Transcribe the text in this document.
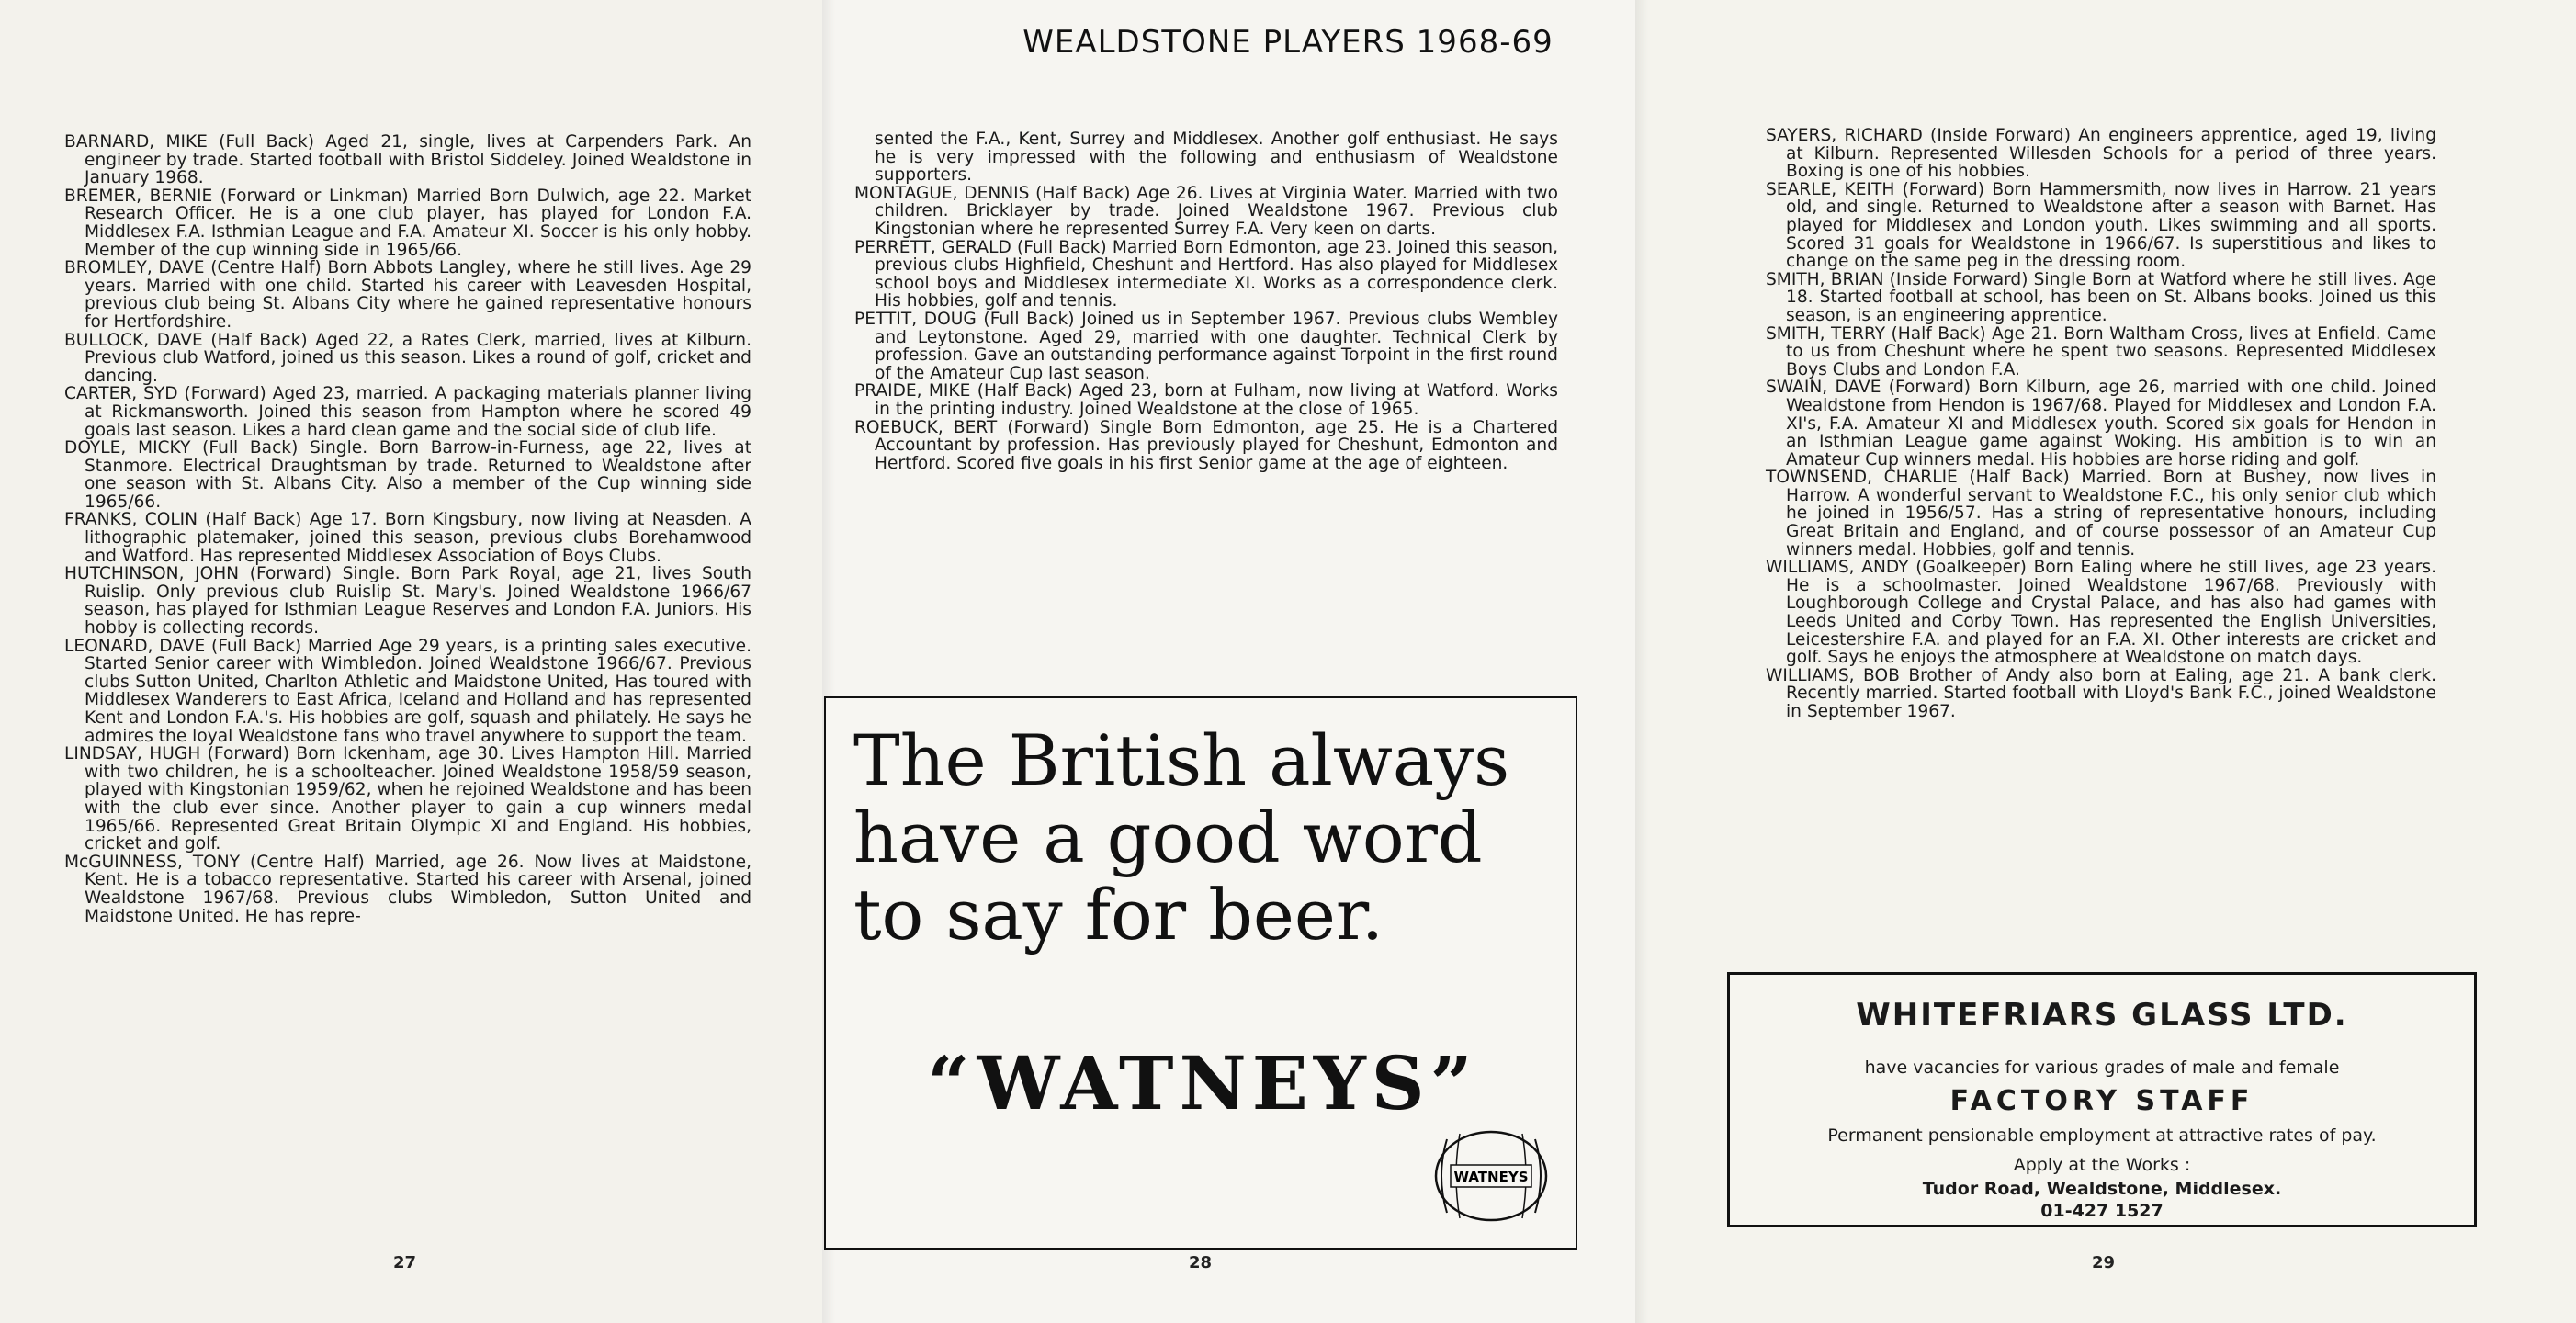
WEALDSTONE PLAYERS 1968-69

BARNARD, MIKE (Full Back) Aged 21, single, lives at Carpenders Park. An engineer by trade. Started football with Bristol Siddeley. Joined Wealdstone in January 1968.

BREMER, BERNIE (Forward or Linkman) Married Born Dulwich, age 22. Market Research Officer. He is a one club player, has played for London F.A. Middlesex F.A. Isthmian League and F.A. Amateur XI. Soccer is his only hobby. Member of the cup winning side in 1965/66.

BROMLEY, DAVE (Centre Half) Born Abbots Langley, where he still lives. Age 29 years. Married with one child. Started his career with Leavesden Hospital, previous club being St. Albans City where he gained representative honours for Hertfordshire.

BULLOCK, DAVE (Half Back) Aged 22, a Rates Clerk, married, lives at Kilburn. Previous club Watford, joined us this season. Likes a round of golf, cricket and dancing.

CARTER, SYD (Forward) Aged 23, married. A packaging materials planner living at Rickmansworth. Joined this season from Hampton where he scored 49 goals last season. Likes a hard clean game and the social side of club life.

DOYLE, MICKY (Full Back) Single. Born Barrow-in-Furness, age 22, lives at Stanmore. Electrical Draughtsman by trade. Returned to Wealdstone after one season with St. Albans City. Also a member of the Cup winning side 1965/66.

FRANKS, COLIN (Half Back) Age 17. Born Kingsbury, now living at Neasden. A lithographic platemaker, joined this season, previous clubs Borehamwood and Watford. Has represented Middlesex Association of Boys Clubs.

HUTCHINSON, JOHN (Forward) Single. Born Park Royal, age 21, lives South Ruislip. Only previous club Ruislip St. Mary's. Joined Wealdstone 1966/67 season, has played for Isthmian League Reserves and London F.A. Juniors. His hobby is collecting records.

LEONARD, DAVE (Full Back) Married Age 29 years, is a printing sales executive. Started Senior career with Wimbledon. Joined Wealdstone 1966/67. Previous clubs Sutton United, Charlton Athletic and Maidstone United, Has toured with Middlesex Wanderers to East Africa, Iceland and Holland and has represented Kent and London F.A.'s. His hobbies are golf, squash and philately. He says he admires the loyal Wealdstone fans who travel anywhere to support the team.

LINDSAY, HUGH (Forward) Born Ickenham, age 30. Lives Hampton Hill. Married with two children, he is a schoolteacher. Joined Wealdstone 1958/59 season, played with Kingstonian 1959/62, when he rejoined Wealdstone and has been with the club ever since. Another player to gain a cup winners medal 1965/66. Represented Great Britain Olympic XI and England. His hobbies, cricket and golf.

McGUINNESS, TONY (Centre Half) Married, age 26. Now lives at Maidstone, Kent. He is a tobacco representative. Started his career with Arsenal, joined Wealdstone 1967/68. Previous clubs Wimbledon, Sutton United and Maidstone United. He has repre-

sented the F.A., Kent, Surrey and Middlesex. Another golf enthusiast. He says he is very impressed with the following and enthusiasm of Wealdstone supporters.

MONTAGUE, DENNIS (Half Back) Age 26. Lives at Virginia Water. Married with two children. Bricklayer by trade. Joined Wealdstone 1967. Previous club Kingstonian where he represented Surrey F.A. Very keen on darts.

PERRETT, GERALD (Full Back) Married Born Edmonton, age 23. Joined this season, previous clubs Highfield, Cheshunt and Hertford. Has also played for Middlesex school boys and Middlesex intermediate XI. Works as a correspondence clerk. His hobbies, golf and tennis.

PETTIT, DOUG (Full Back) Joined us in September 1967. Previous clubs Wembley and Leytonstone. Aged 29, married with one daughter. Technical Clerk by profession. Gave an outstanding performance against Torpoint in the first round of the Amateur Cup last season.

PRAIDE, MIKE (Half Back) Aged 23, born at Fulham, now living at Watford. Works in the printing industry. Joined Wealdstone at the close of 1965.

ROEBUCK, BERT (Forward) Single Born Edmonton, age 25. He is a Chartered Accountant by profession. Has previously played for Cheshunt, Edmonton and Hertford. Scored five goals in his first Senior game at the age of eighteen.

SAYERS, RICHARD (Inside Forward) An engineers apprentice, aged 19, living at Kilburn. Represented Willesden Schools for a period of three years. Boxing is one of his hobbies.

SEARLE, KEITH (Forward) Born Hammersmith, now lives in Harrow. 21 years old, and single. Returned to Wealdstone after a season with Barnet. Has played for Middlesex and London youth. Likes swimming and all sports. Scored 31 goals for Wealdstone in 1966/67. Is superstitious and likes to change on the same peg in the dressing room.

SMITH, BRIAN (Inside Forward) Single Born at Watford where he still lives. Age 18. Started football at school, has been on St. Albans books. Joined us this season, is an engineering apprentice.

SMITH, TERRY (Half Back) Age 21. Born Waltham Cross, lives at Enfield. Came to us from Cheshunt where he spent two seasons. Represented Middlesex Boys Clubs and London F.A.

SWAIN, DAVE (Forward) Born Kilburn, age 26, married with one child. Joined Wealdstone from Hendon is 1967/68. Played for Middlesex and London F.A. XI's, F.A. Amateur XI and Middlesex youth. Scored six goals for Hendon in an Isthmian League game against Woking. His ambition is to win an Amateur Cup winners medal. His hobbies are horse riding and golf.

TOWNSEND, CHARLIE (Half Back) Married. Born at Bushey, now lives in Harrow. A wonderful servant to Wealdstone F.C., his only senior club which he joined in 1956/57. Has a string of representative honours, including Great Britain and England, and of course possessor of an Amateur Cup winners medal. Hobbies, golf and tennis.

WILLIAMS, ANDY (Goalkeeper) Born Ealing where he still lives, age 23 years. He is a schoolmaster. Joined Wealdstone 1967/68. Previously with Loughborough College and Crystal Palace, and has also had games with Leeds United and Corby Town. Has represented the English Universities, Leicestershire F.A. and played for an F.A. XI. Other interests are cricket and golf. Says he enjoys the atmosphere at Wealdstone on match days.

WILLIAMS, BOB Brother of Andy also born at Ealing, age 21. A bank clerk. Recently married. Started football with Lloyd's Bank F.C., joined Wealdstone in September 1967.

The British always have a good word to say for beer.
“WATNEYS”
WATNEYS
WHITEFRIARS GLASS LTD.
have vacancies for various grades of male and female
FACTORY STAFF
Permanent pensionable employment at attractive rates of pay.
Apply at the Works :
Tudor Road, Wealdstone, Middlesex.
01-427 1527
27	28	29
